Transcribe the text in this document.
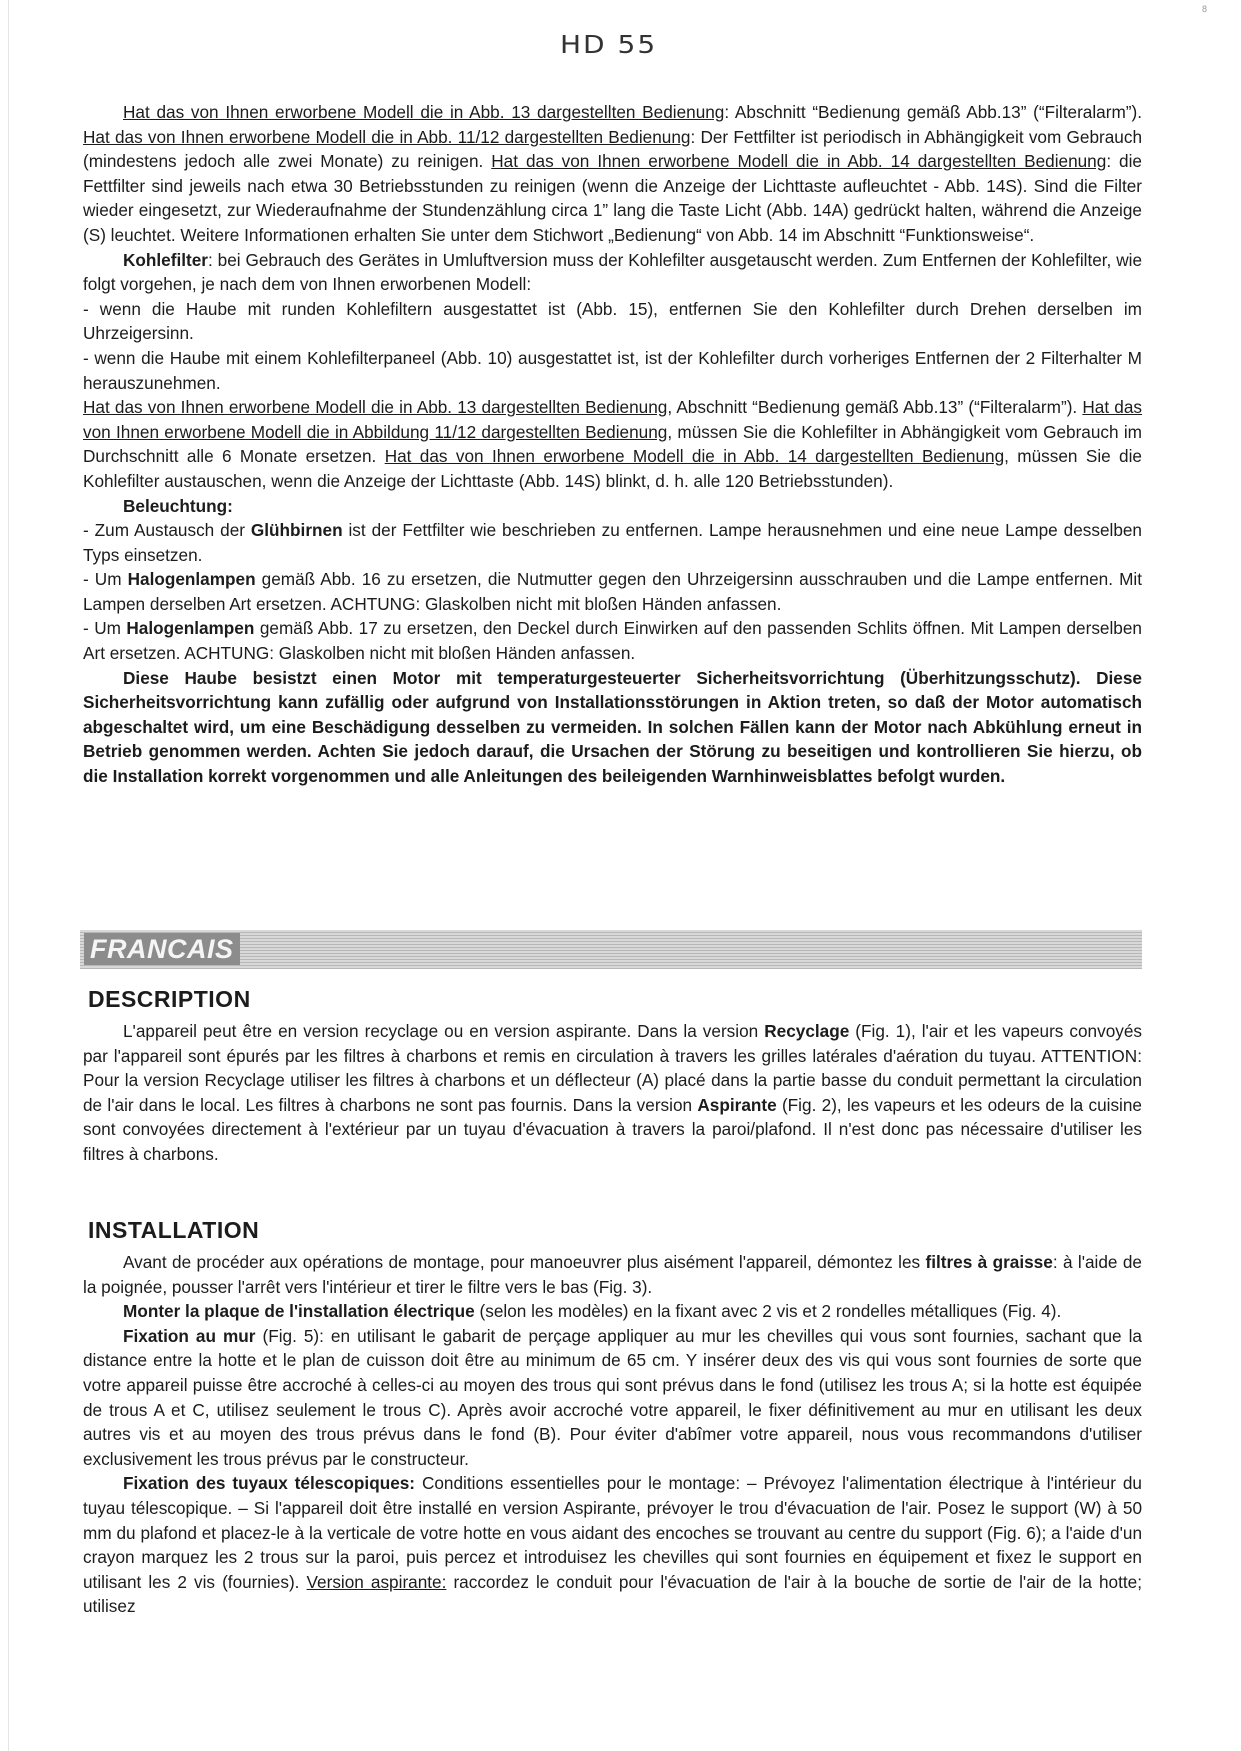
HD 55
8

Hat das von Ihnen erworbene Modell die in Abb. 13 dargestellten Bedienung: Abschnitt “Bedienung gemäß Abb.13” (“Filteralarm”). Hat das von Ihnen erworbene Modell die in Abb. 11/12 dargestellten Bedienung: Der Fettfilter ist periodisch in Abhängigkeit vom Gebrauch (mindestens jedoch alle zwei Monate) zu reinigen. Hat das von Ihnen erworbene Modell die in Abb. 14 dargestellten Bedienung: die Fettfilter sind jeweils nach etwa 30 Betriebsstunden zu reinigen (wenn die Anzeige der Lichttaste aufleuchtet - Abb. 14S). Sind die Filter wieder eingesetzt, zur Wiederaufnahme der Stundenzählung circa 1” lang die Taste Licht (Abb. 14A) gedrückt halten, während die Anzeige (S) leuchtet. Weitere Informationen erhalten Sie unter dem Stichwort „Bedienung“ von Abb. 14 im Abschnitt “Funktionsweise“.

Kohlefilter: bei Gebrauch des Gerätes in Umluftversion muss der Kohlefilter ausgetauscht werden. Zum Entfernen der Kohlefilter, wie folgt vorgehen, je nach dem von Ihnen erworbenen Modell:

- wenn die Haube mit runden Kohlefiltern ausgestattet ist (Abb. 15), entfernen Sie den Kohlefilter durch Drehen derselben im Uhrzeigersinn.

- wenn die Haube mit einem Kohlefilterpaneel (Abb. 10) ausgestattet ist, ist der Kohlefilter durch vorheriges Entfernen der 2 Filterhalter M herauszunehmen.

Hat das von Ihnen erworbene Modell die in Abb. 13 dargestellten Bedienung, Abschnitt “Bedienung gemäß Abb.13” (“Filteralarm”). Hat das von Ihnen erworbene Modell die in Abbildung 11/12 dargestellten Bedienung, müssen Sie die Kohlefilter in Abhängigkeit vom Gebrauch im Durchschnitt alle 6 Monate ersetzen. Hat das von Ihnen erworbene Modell die in Abb. 14 dargestellten Bedienung, müssen Sie die Kohlefilter austauschen, wenn die Anzeige der Lichttaste (Abb. 14S) blinkt, d. h. alle 120 Betriebsstunden).

Beleuchtung:

- Zum Austausch der Glühbirnen ist der Fettfilter wie beschrieben zu entfernen. Lampe herausnehmen und eine neue Lampe desselben Typs einsetzen.

- Um Halogenlampen gemäß Abb. 16 zu ersetzen, die Nutmutter gegen den Uhrzeigersinn ausschrauben und die Lampe entfernen. Mit Lampen derselben Art ersetzen. ACHTUNG: Glaskolben nicht mit bloßen Händen anfassen.

- Um Halogenlampen gemäß Abb. 17 zu ersetzen, den Deckel durch Einwirken auf den passenden Schlits öffnen. Mit Lampen derselben Art ersetzen. ACHTUNG: Glaskolben nicht mit bloßen Händen anfassen.

Diese Haube besistzt einen Motor mit temperaturgesteuerter Sicherheitsvorrichtung (Überhitzungsschutz). Diese Sicherheitsvorrichtung kann zufällig oder aufgrund von Installationsstörungen in Aktion treten, so daß der Motor automatisch abgeschaltet wird, um eine Beschädigung desselben zu vermeiden. In solchen Fällen kann der Motor nach Abkühlung erneut in Betrieb genommen werden. Achten Sie jedoch darauf, die Ursachen der Störung zu beseitigen und kontrollieren Sie hierzu, ob die Installation korrekt vorgenommen und alle Anleitungen des beileigenden Warnhinweisblattes befolgt wurden.

FRANCAIS
DESCRIPTION

L'appareil peut être en version recyclage ou en version aspirante. Dans la version Recyclage (Fig. 1), l'air et les vapeurs convoyés par l'appareil sont épurés par les filtres à charbons et remis en circulation à travers les grilles latérales d'aération du tuyau. ATTENTION: Pour la version Recyclage utiliser les filtres à charbons et un déflecteur (A) placé dans la partie basse du conduit permettant la circulation de l'air dans le local. Les filtres à charbons ne sont pas fournis. Dans la version Aspirante (Fig. 2), les vapeurs et les odeurs de la cuisine sont convoyées directement à l'extérieur par un tuyau d'évacuation à travers la paroi/plafond. Il n'est donc pas nécessaire d'utiliser les filtres à charbons.

INSTALLATION

Avant de procéder aux opérations de montage, pour manoeuvrer plus aisément l'appareil, démontez les filtres à graisse: à l'aide de la poignée, pousser l'arrêt vers l'intérieur et tirer le filtre vers le bas (Fig. 3).

Monter la plaque de l'installation électrique (selon les modèles) en la fixant avec 2 vis et 2 rondelles métalliques (Fig. 4).

Fixation au mur (Fig. 5): en utilisant le gabarit de perçage appliquer au mur les chevilles qui vous sont fournies, sachant que la distance entre la hotte et le plan de cuisson doit être au minimum de 65 cm. Y insérer deux des vis qui vous sont fournies de sorte que votre appareil puisse être accroché à celles-ci au moyen des trous qui sont prévus dans le fond (utilisez les trous A; si la hotte est équipée de trous A et C, utilisez seulement le trous C). Après avoir accroché votre appareil, le fixer définitivement au mur en utilisant les deux autres vis et au moyen des trous prévus dans le fond (B). Pour éviter d'abîmer votre appareil, nous vous recommandons d'utiliser exclusivement les trous prévus par le constructeur.

Fixation des tuyaux télescopiques: Conditions essentielles pour le montage: – Prévoyez l'alimentation électrique à l'intérieur du tuyau télescopique. – Si l'appareil doit être installé en version Aspirante, prévoyer le trou d'évacuation de l'air. Posez le support (W) à 50 mm du plafond et placez-le à la verticale de votre hotte en vous aidant des encoches se trouvant au centre du support (Fig. 6); a l'aide d'un crayon marquez les 2 trous sur la paroi, puis percez et introduisez les chevilles qui sont fournies en équipement et fixez le support en utilisant les 2 vis (fournies). Version aspirante: raccordez le conduit pour l'évacuation de l'air à la bouche de sortie de l'air de la hotte; utilisez
